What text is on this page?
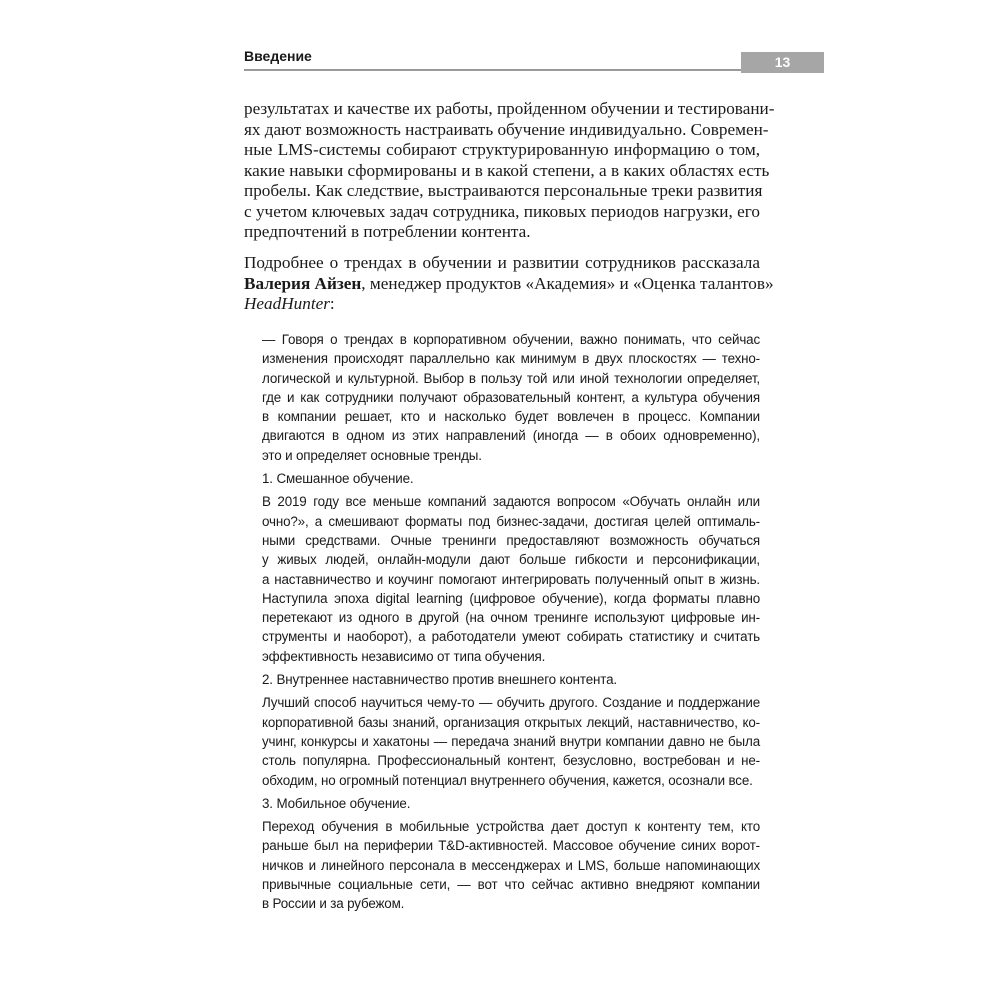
Введение	13
результатах и качестве их работы, пройденном обучении и тестировани-
ях дают возможность настраивать обучение индивидуально. Современ-
ные LMS-системы собирают структурированную информацию о том,
какие навыки сформированы и в какой степени, а в каких областях есть
пробелы. Как следствие, выстраиваются персональные треки развития
с учетом ключевых задач сотрудника, пиковых периодов нагрузки, его
предпочтений в потреблении контента.
Подробнее о трендах в обучении и развитии сотрудников рассказала
Валерия Айзен, менеджер продуктов «Академия» и «Оценка талантов»
HeadHunter:
— Говоря о трендах в корпоративном обучении, важно понимать, что сейчас
изменения происходят параллельно как минимум в двух плоскостях — техно-
логической и культурной. Выбор в пользу той или иной технологии определяет,
где и как сотрудники получают образовательный контент, а культура обучения
в компании решает, кто и насколько будет вовлечен в процесс. Компании
двигаются в одном из этих направлений (иногда — в обоих одновременно),
это и определяет основные тренды.
1. Смешанное обучение.
В 2019 году все меньше компаний задаются вопросом «Обучать онлайн или
очно?», а смешивают форматы под бизнес-задачи, достигая целей оптималь-
ными средствами. Очные тренинги предоставляют возможность обучаться
у живых людей, онлайн-модули дают больше гибкости и персонификации,
а наставничество и коучинг помогают интегрировать полученный опыт в жизнь.
Наступила эпоха digital learning (цифровое обучение), когда форматы плавно
перетекают из одного в другой (на очном тренинге используют цифровые ин-
струменты и наоборот), а работодатели умеют собирать статистику и считать
эффективность независимо от типа обучения.
2. Внутреннее наставничество против внешнего контента.
Лучший способ научиться чему-то — обучить другого. Создание и поддержание
корпоративной базы знаний, организация открытых лекций, наставничество, ко-
учинг, конкурсы и хакатоны — передача знаний внутри компании давно не была
столь популярна. Профессиональный контент, безусловно, востребован и не-
обходим, но огромный потенциал внутреннего обучения, кажется, осознали все.
3. Мобильное обучение.
Переход обучения в мобильные устройства дает доступ к контенту тем, кто
раньше был на периферии T&D-активностей. Массовое обучение синих ворот-
ничков и линейного персонала в мессенджерах и LMS, больше напоминающих
привычные социальные сети, — вот что сейчас активно внедряют компании
в России и за рубежом.
